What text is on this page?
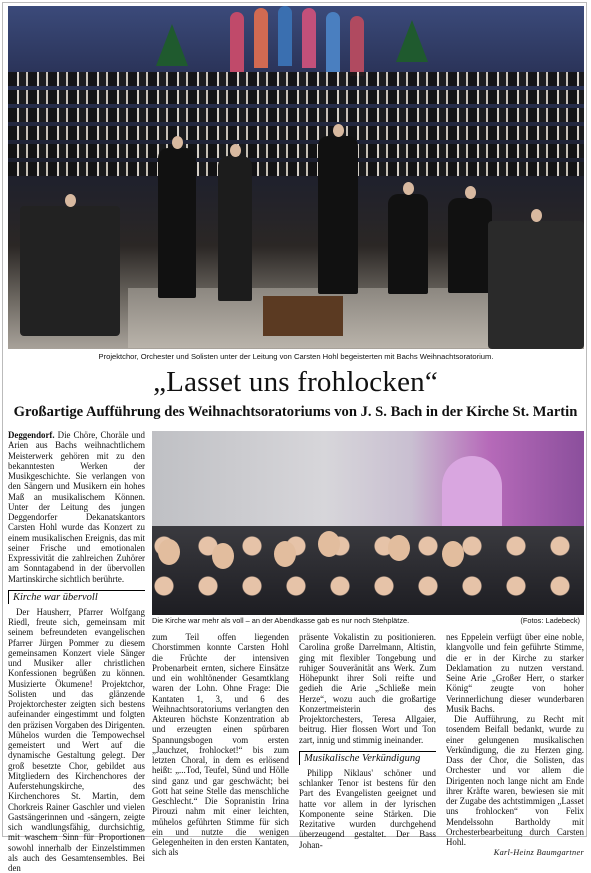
Projektchor, Orchester und Solisten unter der Leitung von Carsten Hohl begeisterten mit Bachs Weihnachtsoratorium.
„Lasset uns frohlocken“
Großartige Aufführung des Weihnachtsoratoriums von J. S. Bach in der Kirche St. Martin

Deggendorf. Die Chöre, Choräle und Arien aus Bachs weihnachtlichem Meisterwerk gehören mit zu den bekanntesten Werken der Musikgeschichte. Sie verlangen von den Sängern und Musikern ein hohes Maß an musikalischem Können. Unter der Leitung des jungen Deggendorfer Dekanatskantors Carsten Hohl wurde das Konzert zu einem musikalischen Ereignis, das mit seiner Frische und emotionalen Expressivität die zahlreichen Zuhörer am Sonntagabend in der übervollen Martinskirche sichtlich berührte.

Kirche war übervoll

Der Hausherr, Pfarrer Wolfgang Riedl, freute sich, gemeinsam mit seinem befreundeten evangelischen Pfarrer Jürgen Pommer zu diesem gemeinsamen Konzert viele Sänger und Musiker aller christlichen Konfessionen begrüßen zu können. Musizierte Ökumene! Projektchor, Solisten und das glänzende Projektorchester zeigten sich bestens aufeinander eingestimmt und folgten den präzisen Vorgaben des Dirigenten. Mühelos wurden die Tempowechsel gemeistert und Wert auf die dynamische Gestaltung gelegt. Der groß besetzte Chor, gebildet aus Mitgliedern des Kirchenchores der Auferstehungskirche, des Kirchenchores St. Martin, dem Chorkreis Rainer Gaschler und vielen Gastsängerinnen und -sängern, zeigte sich wandlungsfähig, durchsichtig, mit waschem Sinn für Proportionen sowohl innerhalb der Einzelstimmen als auch des Gesamtensembles. Bei den

Die Kirche war mehr als voll – an der Abendkasse gab es nur noch Stehplätze.	(Fotos: Ladebeck)

zum Teil offen liegenden Chorstimmen konnte Carsten Hohl die Früchte der intensiven Probenarbeit ernten, sichere Einsätze und ein wohltönender Gesamtklang waren der Lohn. Ohne Frage: Die Kantaten 1, 3, und 6 des Weihnachtsoratoriums verlangten den Akteuren höchste Konzentration ab und erzeugten einen spürbaren Spannungsbogen vom ersten „Jauchzet, frohlocket!“ bis zum letzten Choral, in dem es erlösend heißt: „...Tod, Teufel, Sünd und Hölle sind ganz und gar geschwächt; bei Gott hat seine Stelle das menschliche Geschlecht.“ Die Sopranistin Irina Pirouzi nahm mit einer leichten, mühelos geführten Stimme für sich ein und nutzte die wenigen Gelegenheiten in den ersten Kantaten, sich als

präsente Vokalistin zu positionieren. Carolina große Darrelmann, Altistin, ging mit flexibler Tongebung und ruhiger Souveränität ans Werk. Zum Höhepunkt ihrer Soli reifte und gedieh die Arie „Schließe mein Herze“, wozu auch die großartige Konzertmeisterin des Projektorchesters, Teresa Allgaier, beitrug. Hier flossen Wort und Ton zart, innig und stimmig ineinander.

Musikalische Verkündigung

Philipp Niklaus' schöner und schlanker Tenor ist bestens für den Part des Evangelisten geeignet und hatte vor allem in der lyrischen Komponente seine Stärken. Die Rezitative wurden durchgehend überzeugend gestaltet. Der Bass Johan-

nes Eppelein verfügt über eine noble, klangvolle und fein geführte Stimme, die er in der Kirche zu starker Deklamation zu nutzen verstand. Seine Arie „Großer Herr, o starker König“ zeugte von hoher Verinnerlichung dieser wunderbaren Musik Bachs.

Die Aufführung, zu Recht mit tosendem Beifall bedankt, wurde zu einer gelungenen musikalischen Verkündigung, die zu Herzen ging. Dass der Chor, die Solisten, das Orchester und vor allem die Dirigenten noch lange nicht am Ende ihrer Kräfte waren, bewiesen sie mit der Zugabe des achtstimmigen „Lasset uns frohlocken“ von Felix Mendelssohn Bartholdy mit Orchesterbearbeitung durch Carsten Hohl.

Karl-Heinz Baumgartner
